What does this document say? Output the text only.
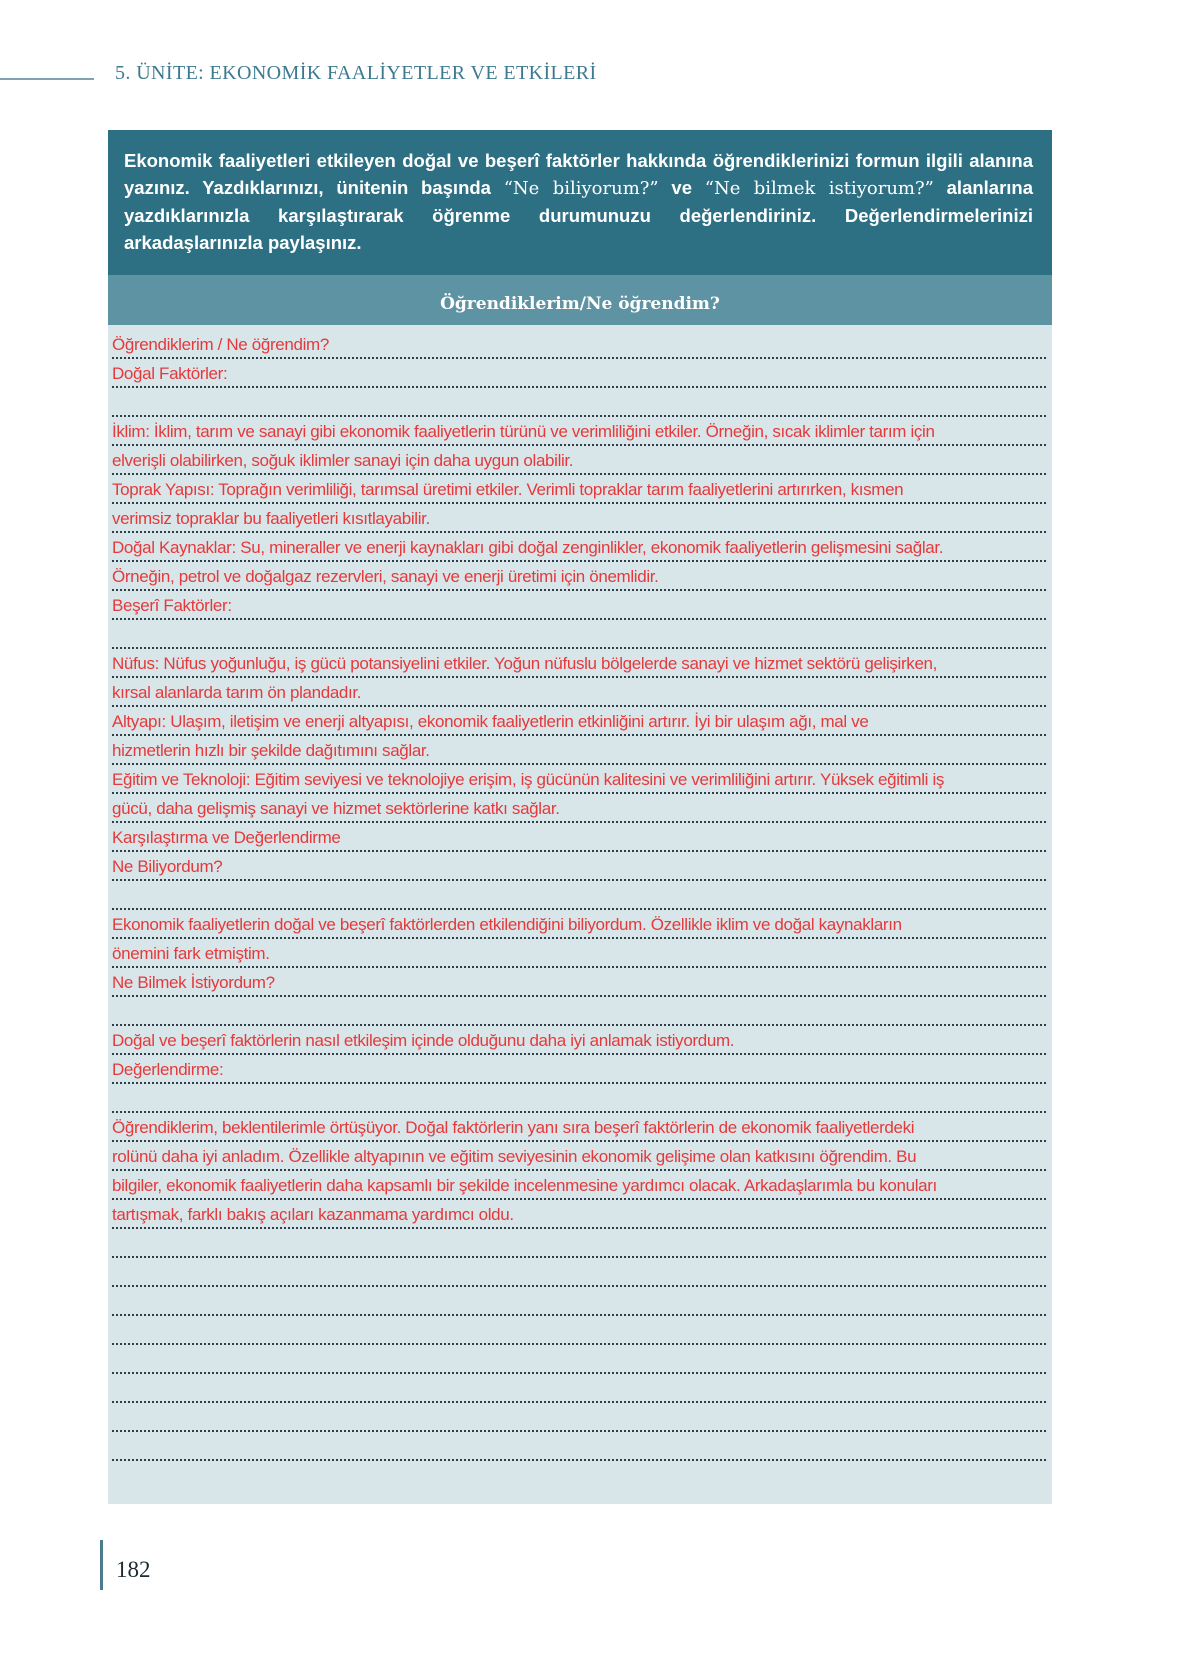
5. ÜNİTE: EKONOMİK FAALİYETLER VE ETKİLERİ
Ekonomik faaliyetleri etkileyen doğal ve beşerî faktörler hakkında öğrendiklerinizi formun ilgili alanına yazınız. Yazdıklarınızı, ünitenin başında “Ne biliyorum?” ve “Ne bilmek istiyorum?” alanlarına yazdıklarınızla karşılaştırarak öğrenme durumunuzu değerlendiriniz. Değerlendirmelerinizi arkadaşlarınızla paylaşınız.
Öğrendiklerim/Ne öğrendim?
Öğrendiklerim / Ne öğrendim?
Doğal Faktörler:
İklim: İklim, tarım ve sanayi gibi ekonomik faaliyetlerin türünü ve verimliliğini etkiler. Örneğin, sıcak iklimler tarım için
elverişli olabilirken, soğuk iklimler sanayi için daha uygun olabilir.
Toprak Yapısı: Toprağın verimliliği, tarımsal üretimi etkiler. Verimli topraklar tarım faaliyetlerini artırırken, kısmen
verimsiz topraklar bu faaliyetleri kısıtlayabilir.
Doğal Kaynaklar: Su, mineraller ve enerji kaynakları gibi doğal zenginlikler, ekonomik faaliyetlerin gelişmesini sağlar.
Örneğin, petrol ve doğalgaz rezervleri, sanayi ve enerji üretimi için önemlidir.
Beşerî Faktörler:
Nüfus: Nüfus yoğunluğu, iş gücü potansiyelini etkiler. Yoğun nüfuslu bölgelerde sanayi ve hizmet sektörü gelişirken,
kırsal alanlarda tarım ön plandadır.
Altyapı: Ulaşım, iletişim ve enerji altyapısı, ekonomik faaliyetlerin etkinliğini artırır. İyi bir ulaşım ağı, mal ve
hizmetlerin hızlı bir şekilde dağıtımını sağlar.
Eğitim ve Teknoloji: Eğitim seviyesi ve teknolojiye erişim, iş gücünün kalitesini ve verimliliğini artırır. Yüksek eğitimli iş
gücü, daha gelişmiş sanayi ve hizmet sektörlerine katkı sağlar.
Karşılaştırma ve Değerlendirme
Ne Biliyordum?
Ekonomik faaliyetlerin doğal ve beşerî faktörlerden etkilendiğini biliyordum. Özellikle iklim ve doğal kaynakların
önemini fark etmiştim.
Ne Bilmek İstiyordum?
Doğal ve beşerî faktörlerin nasıl etkileşim içinde olduğunu daha iyi anlamak istiyordum.
Değerlendirme:
Öğrendiklerim, beklentilerimle örtüşüyor. Doğal faktörlerin yanı sıra beşerî faktörlerin de ekonomik faaliyetlerdeki
rolünü daha iyi anladım. Özellikle altyapının ve eğitim seviyesinin ekonomik gelişime olan katkısını öğrendim. Bu
bilgiler, ekonomik faaliyetlerin daha kapsamlı bir şekilde incelenmesine yardımcı olacak. Arkadaşlarımla bu konuları
tartışmak, farklı bakış açıları kazanmama yardımcı oldu.
182
